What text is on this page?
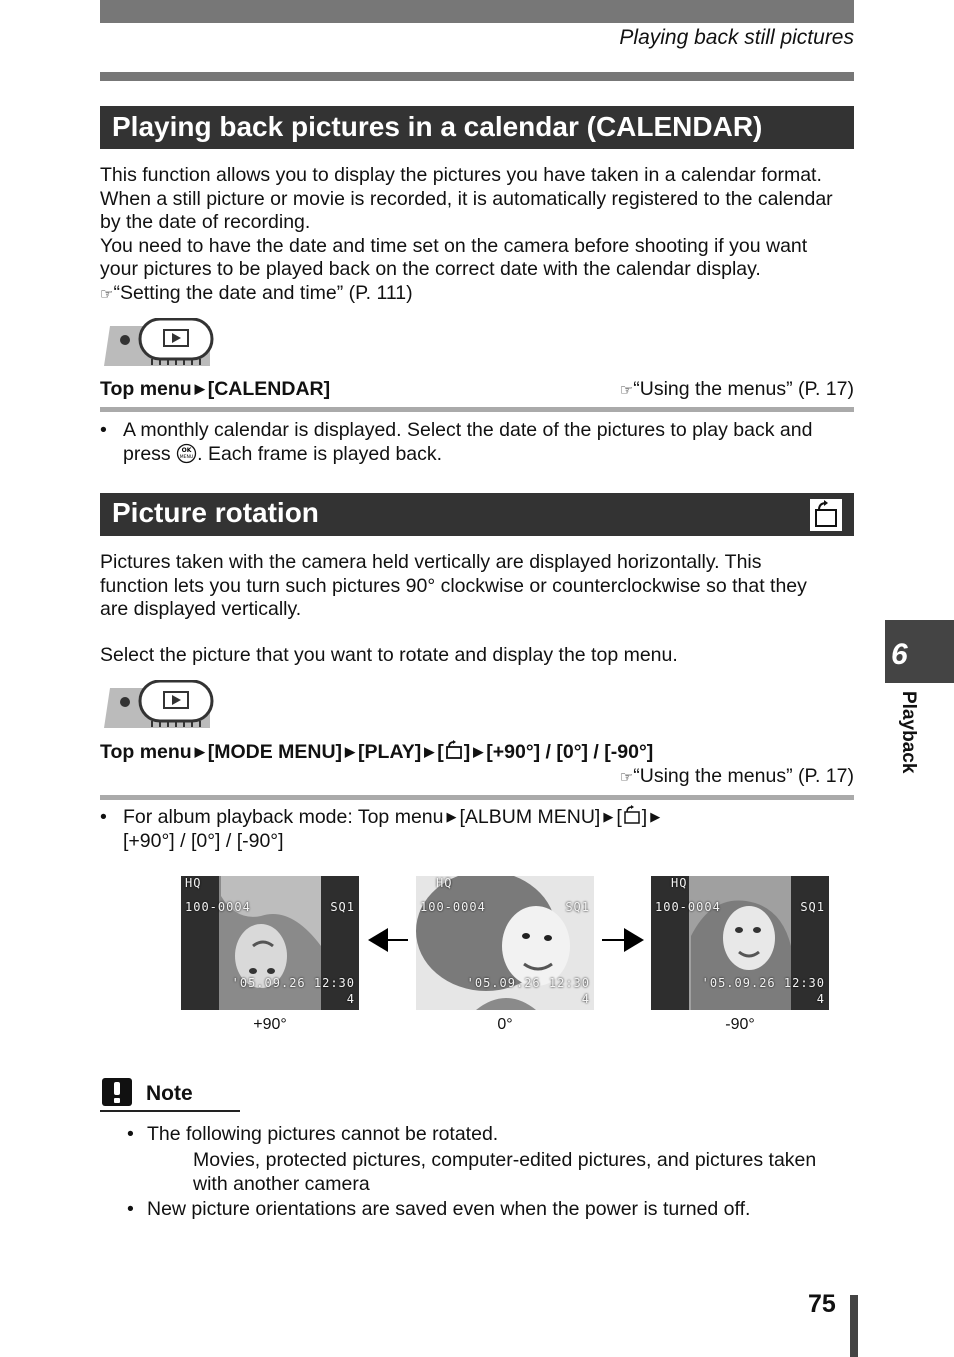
Playing back still pictures
Playing back pictures in a calendar (CALENDAR)

This function allows you to display the pictures you have taken in a calendar format.

When a still picture or movie is recorded, it is automatically registered to the calendar

by the date of recording.

You need to have the date and time set on the camera before shooting if you want

your pictures to be played back on the correct date with the calendar display.

☞ “Setting the date and time” (P. 111)

Top menu ▶ [CALENDAR]	☞ “Using the menus” (P. 17)
• A monthly calendar is displayed. Select the date of the pictures to play back and
press OK
MENU . Each frame is played back.
Picture rotation

Pictures taken with the camera held vertically are displayed horizontally. This

function lets you turn such pictures 90° clockwise or counterclockwise so that they

are displayed vertically.

Select the picture that you want to rotate and display the top menu.

Top menu ▶ [MODE MENU] ▶ [PLAY] ▶ [ ] ▶ [+90°] / [0°] / [-90°]
☞ “Using the menus” (P. 17)
• For album playback mode: Top menu ▶ [ALBUM MENU] ▶ [ ] ▶
[+90°] / [0°] / [-90°]
HQ
100-0004	SQ1
'05.09.26 12:30
4
HQ
100-0004	SQ1
'05.09.26 12:30
4
HQ
100-0004	SQ1
'05.09.26 12:30
4
+90°	0°	-90°
Note
• The following pictures cannot be rotated.
Movies, protected pictures, computer-edited pictures, and pictures taken
with another camera
• New picture orientations are saved even when the power is turned off.
6
Playback
75
